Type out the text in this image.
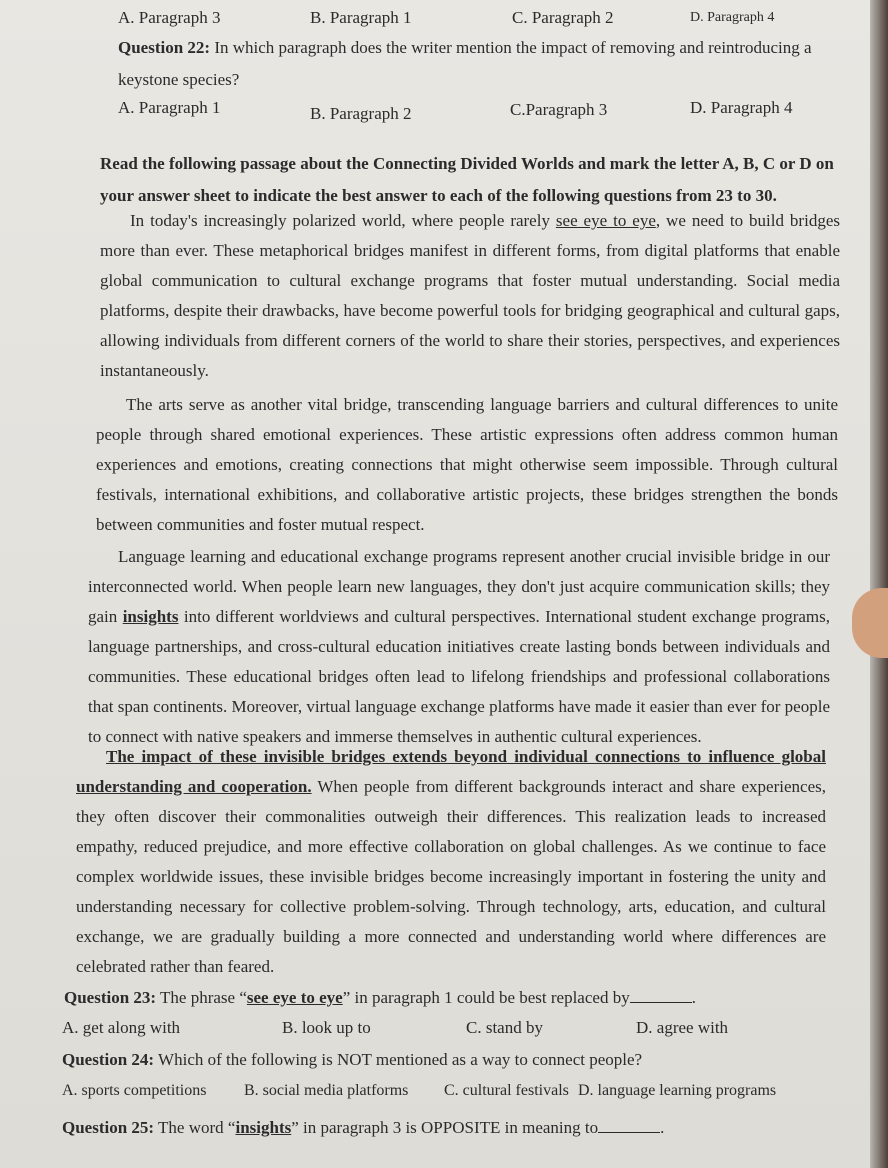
A. Paragraph 3	B. Paragraph 1	C. Paragraph 2	D. Paragraph 4
Question 22: In which paragraph does the writer mention the impact of removing and reintroducing a
keystone species?
A. Paragraph 1	B. Paragraph 2	C.Paragraph 3	D. Paragraph 4
Read the following passage about the Connecting Divided Worlds and mark the letter A, B, C or D on your answer sheet to indicate the best answer to each of the following questions from 23 to 30.
In today's increasingly polarized world, where people rarely see eye to eye, we need to build bridges more than ever. These metaphorical bridges manifest in different forms, from digital platforms that enable global communication to cultural exchange programs that foster mutual understanding. Social media platforms, despite their drawbacks, have become powerful tools for bridging geographical and cultural gaps, allowing individuals from different corners of the world to share their stories, perspectives, and experiences instantaneously.
The arts serve as another vital bridge, transcending language barriers and cultural differences to unite people through shared emotional experiences. These artistic expressions often address common human experiences and emotions, creating connections that might otherwise seem impossible. Through cultural festivals, international exhibitions, and collaborative artistic projects, these bridges strengthen the bonds between communities and foster mutual respect.
Language learning and educational exchange programs represent another crucial invisible bridge in our interconnected world. When people learn new languages, they don't just acquire communication skills; they gain insights into different worldviews and cultural perspectives. International student exchange programs, language partnerships, and cross-cultural education initiatives create lasting bonds between individuals and communities. These educational bridges often lead to lifelong friendships and professional collaborations that span continents. Moreover, virtual language exchange platforms have made it easier than ever for people to connect with native speakers and immerse themselves in authentic cultural experiences.
The impact of these invisible bridges extends beyond individual connections to influence global understanding and cooperation. When people from different backgrounds interact and share experiences, they often discover their commonalities outweigh their differences. This realization leads to increased empathy, reduced prejudice, and more effective collaboration on global challenges. As we continue to face complex worldwide issues, these invisible bridges become increasingly important in fostering the unity and understanding necessary for collective problem-solving. Through technology, arts, education, and cultural exchange, we are gradually building a more connected and understanding world where differences are celebrated rather than feared.
Question 23: The phrase “see eye to eye” in paragraph 1 could be best replaced by	.
A. get along with	B. look up to	C. stand by	D. agree with
Question 24: Which of the following is NOT mentioned as a way to connect people?
A. sports competitions B. social media platforms C. cultural festivals D. language learning programs
Question 25: The word “insights” in paragraph 3 is OPPOSITE in meaning to	.
